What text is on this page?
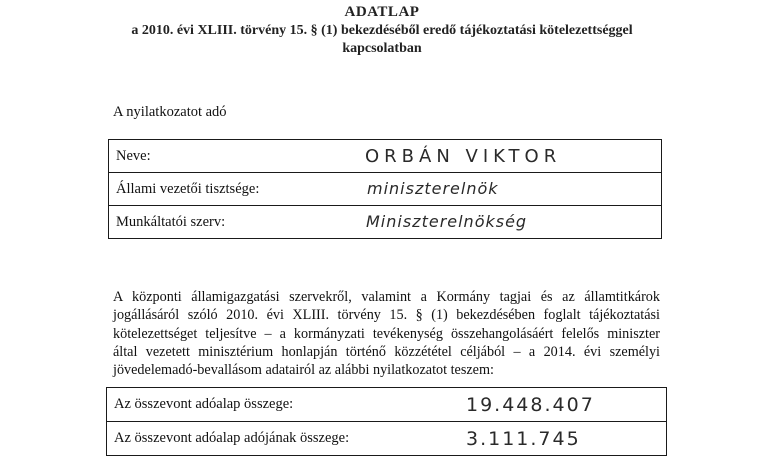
ADATLAP
a 2010. évi XLIII. törvény 15. § (1) bekezdéséből eredő tájékoztatási kötelezettséggel
kapcsolatban
A nyilatkozatot adó
Neve:	ORBÁN VIKTOR
Állami vezetői tisztsége:	miniszterelnök
Munkáltatói szerv:	Miniszterelnökség
A központi államigazgatási szervekről, valamint a Kormány tagjai és az államtitkárok
jogállásáról szóló 2010. évi XLIII. törvény 15. § (1) bekezdésében foglalt tájékoztatási
kötelezettséget teljesítve – a kormányzati tevékenység összehangolásáért felelős miniszter
által vezetett minisztérium honlapján történő közzététel céljából – a 2014. évi személyi
jövedelemadó-bevallásom adatairól az alábbi nyilatkozatot teszem:
Az összevont adóalap összege:	19.448.407
Az összevont adóalap adójának összege:	3.111.745
